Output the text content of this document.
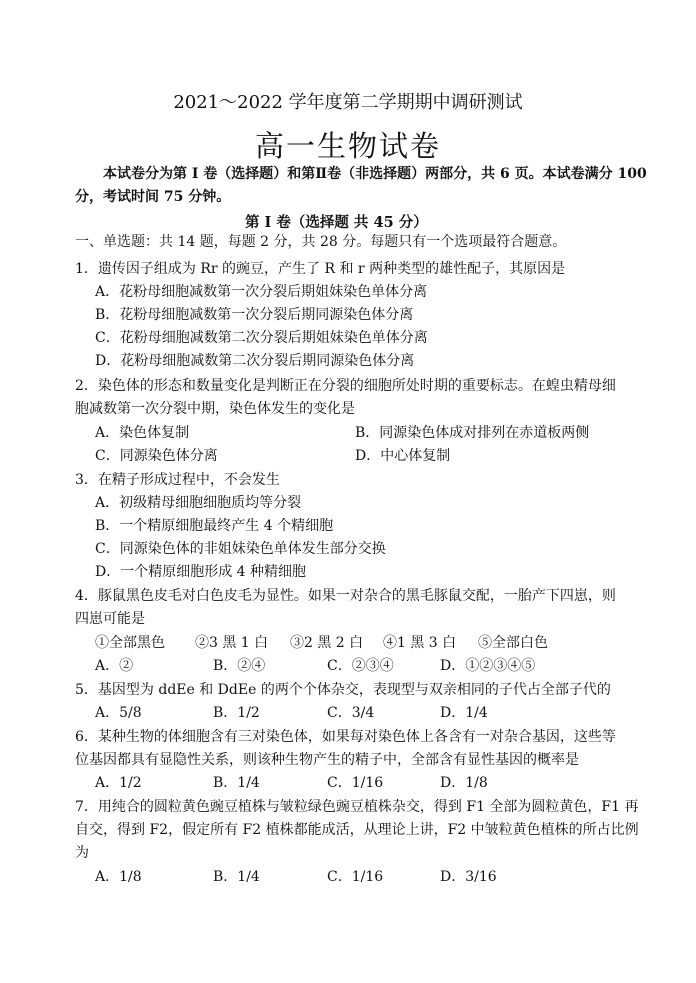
2021～2022 学年度第二学期期中调研测试
高一生物试卷
本试卷分为第 I 卷（选择题）和第Ⅱ卷（非选择题）两部分，共 6 页。本试卷满分 100
分，考试时间 75 分钟。
第 I 卷（选择题 共 45 分）
一、单选题：共 14 题，每题 2 分，共 28 分。每题只有一个选项最符合题意。
1．遗传因子组成为 Rr 的豌豆，产生了 R 和 r 两种类型的雄性配子，其原因是
A．花粉母细胞减数第一次分裂后期姐妹染色单体分离
B．花粉母细胞减数第一次分裂后期同源染色体分离
C．花粉母细胞减数第二次分裂后期姐妹染色单体分离
D．花粉母细胞减数第二次分裂后期同源染色体分离
2．染色体的形态和数量变化是判断正在分裂的细胞所处时期的重要标志。在蝗虫精母细
胞减数第一次分裂中期，染色体发生的变化是
A．染色体复制	B．同源染色体成对排列在赤道板两侧
C．同源染色体分离	D．中心体复制
3．在精子形成过程中，不会发生
A．初级精母细胞细胞质均等分裂
B．一个精原细胞最终产生 4 个精细胞
C．同源染色体的非姐妹染色单体发生部分交换
D．一个精原细胞形成 4 种精细胞
4．豚鼠黑色皮毛对白色皮毛为显性。如果一对杂合的黑毛豚鼠交配，一胎产下四崽，则
四崽可能是
①全部黑色 ②3 黑 1 白 ③2 黑 2 白 ④1 黑 3 白 ⑤全部白色
A．②	B．②④	C．②③④	D．①②③④⑤
5．基因型为 ddEe 和 DdEe 的两个个体杂交，表现型与双亲相同的子代占全部子代的
A．5/8	B．1/2	C．3/4	D．1/4
6．某种生物的体细胞含有三对染色体，如果每对染色体上各含有一对杂合基因，这些等
位基因都具有显隐性关系，则该种生物产生的精子中，全部含有显性基因的概率是
A．1/2	B．1/4	C．1/16	D．1/8
7．用纯合的圆粒黄色豌豆植株与皱粒绿色豌豆植株杂交，得到 F1 全部为圆粒黄色，F1 再
自交，得到 F2，假定所有 F2 植株都能成活，从理论上讲，F2 中皱粒黄色植株的所占比例
为
A．1/8	B．1/4	C．1/16	D．3/16
